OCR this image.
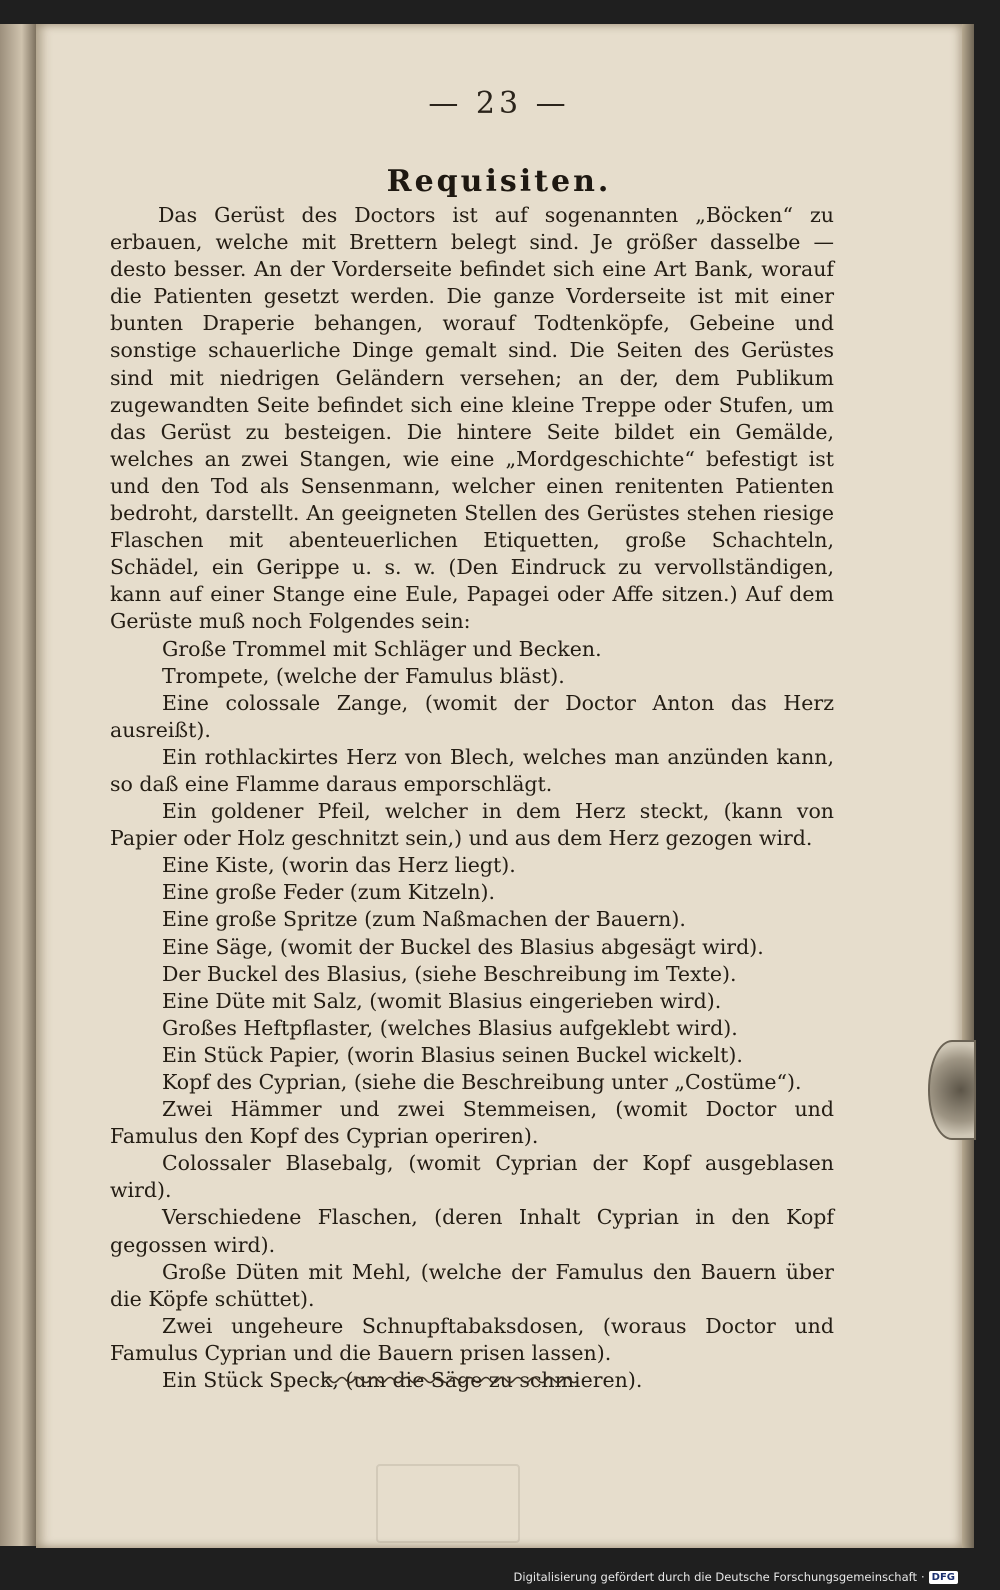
— 23 —
Requisiten.

Das Gerüst des Doctors ist auf sogenannten „Böcken“ zu erbauen, welche mit Brettern belegt sind. Je größer dasselbe — desto besser. An der Vorderseite befindet sich eine Art Bank, worauf die Patienten gesetzt werden. Die ganze Vorderseite ist mit einer bunten Draperie behangen, worauf Todtenköpfe, Gebeine und sonstige schauerliche Dinge gemalt sind. Die Seiten des Gerüstes sind mit niedrigen Geländern versehen; an der, dem Publikum zugewandten Seite befindet sich eine kleine Treppe oder Stufen, um das Gerüst zu besteigen. Die hintere Seite bildet ein Gemälde, welches an zwei Stangen, wie eine „Mordgeschichte“ befestigt ist und den Tod als Sensenmann, welcher einen renitenten Patienten bedroht, darstellt. An geeigneten Stellen des Gerüstes stehen riesige Flaschen mit abenteuerlichen Etiquetten, große Schachteln, Schädel, ein Gerippe u. s. w. (Den Eindruck zu vervollständigen, kann auf einer Stange eine Eule, Papagei oder Affe sitzen.) Auf dem Gerüste muß noch Folgendes sein:

Große Trommel mit Schläger und Becken.

Trompete, (welche der Famulus bläst).

Eine colossale Zange, (womit der Doctor Anton das Herz ausreißt).

Ein rothlackirtes Herz von Blech, welches man anzünden kann, so daß eine Flamme daraus emporschlägt.

Ein goldener Pfeil, welcher in dem Herz steckt, (kann von Papier oder Holz geschnitzt sein,) und aus dem Herz gezogen wird.

Eine Kiste, (worin das Herz liegt).

Eine große Feder (zum Kitzeln).

Eine große Spritze (zum Naßmachen der Bauern).

Eine Säge, (womit der Buckel des Blasius abgesägt wird).

Der Buckel des Blasius, (siehe Beschreibung im Texte).

Eine Düte mit Salz, (womit Blasius eingerieben wird).

Großes Heftpflaster, (welches Blasius aufgeklebt wird).

Ein Stück Papier, (worin Blasius seinen Buckel wickelt).

Kopf des Cyprian, (siehe die Beschreibung unter „Costüme“).

Zwei Hämmer und zwei Stemmeisen, (womit Doctor und Famulus den Kopf des Cyprian operiren).

Colossaler Blasebalg, (womit Cyprian der Kopf ausgeblasen wird).

Verschiedene Flaschen, (deren Inhalt Cyprian in den Kopf gegossen wird).

Große Düten mit Mehl, (welche der Famulus den Bauern über die Köpfe schüttet).

Zwei ungeheure Schnupftabaksdosen, (woraus Doctor und Famulus Cyprian und die Bauern prisen lassen).

Ein Stück Speck, (um die Säge zu schmieren).

Digitalisierung gefördert durch die Deutsche Forschungsgemeinschaft · DFG
